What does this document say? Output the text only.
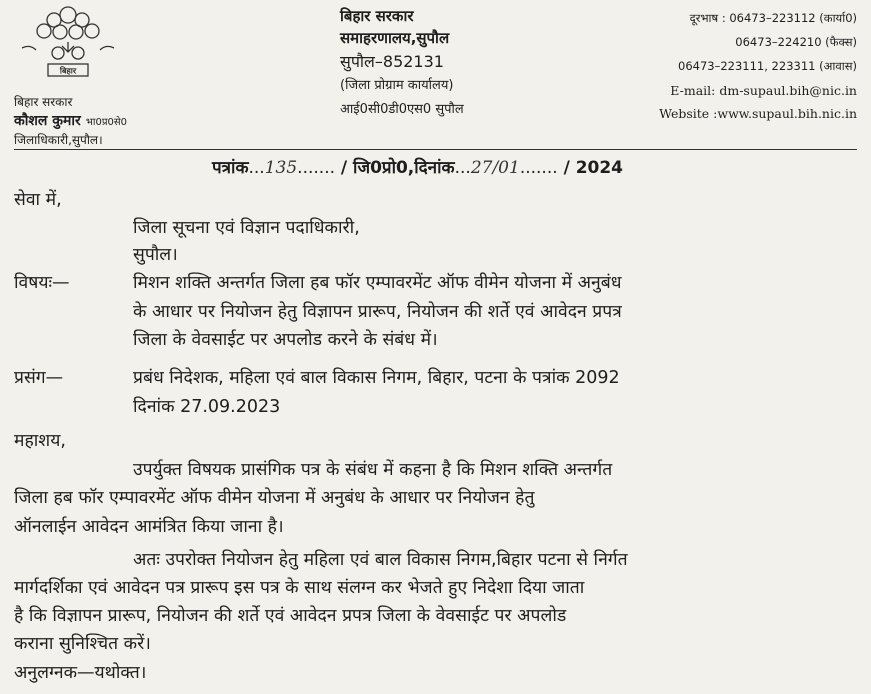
बिहार
बिहार सरकार
कौशल कुमार भा0प्र0से0
जिलाधिकारी,सुपौल।
बिहार सरकार
समाहरणालय,सुपौल
सुपौल–852131
(जिला प्रोग्राम कार्यालय)
आई0सी0डी0एस0 सुपौल
दूरभाष : 06473–223112 (कार्या0)
06473–224210 (फैक्स)
06473–223111, 223311 (आवास)
E-mail: dm-supaul.bih@nic.in
Website :www.supaul.bih.nic.in
पत्रांक...135....... / जि0प्रो0,दिनांक...27/01....... / 2024
सेवा में,
जिला सूचना एवं विज्ञान पदाधिकारी,
सुपौल।
विषयः—	मिशन शक्ति अन्तर्गत जिला हब फॉर एम्पावरमेंट ऑफ वीमेन योजना में अनुबंध
के आधार पर नियोजन हेतु विज्ञापन प्रारूप, नियोजन की शर्ते एवं आवेदन प्रपत्र
जिला के वेवसाईट पर अपलोड करने के संबंध में।
प्रसंग—	प्रबंध निदेशक, महिला एवं बाल विकास निगम, बिहार, पटना के पत्रांक 2092
दिनांक 27.09.2023
महाशय,
उपर्युक्त विषयक प्रासंगिक पत्र के संबंध में कहना है कि मिशन शक्ति अन्तर्गत
जिला हब फॉर एम्पावरमेंट ऑफ वीमेन योजना में अनुबंध के आधार पर नियोजन हेतु
ऑनलाईन आवेदन आमंत्रित किया जाना है।
अतः उपरोक्त नियोजन हेतु महिला एवं बाल विकास निगम,बिहार पटना से निर्गत
मार्गदर्शिका एवं आवेदन पत्र प्रारूप इस पत्र के साथ संलग्न कर भेजते हुए निदेशा दिया जाता
है कि विज्ञापन प्रारूप, नियोजन की शर्ते एवं आवेदन प्रपत्र जिला के वेवसाईट पर अपलोड
कराना सुनिश्चित करें।
अनुलग्नक—यथोक्त।
